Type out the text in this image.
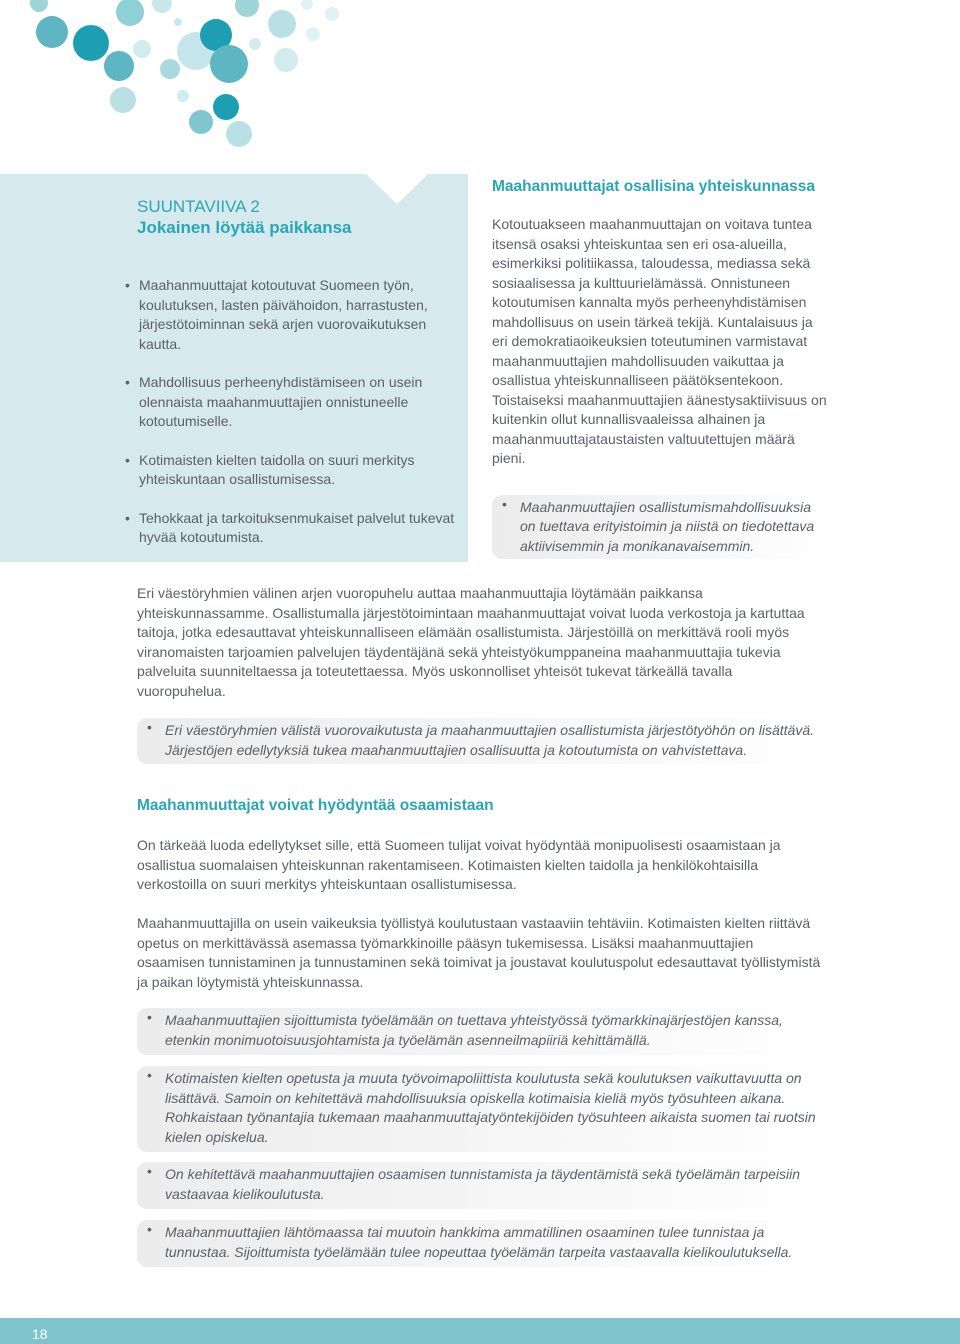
SUUNTAVIIVA 2
Jokainen löytää paikkansa
• Maahanmuuttajat kotoutuvat Suomeen työn, koulutuksen, lasten päivähoidon, harrastusten, järjestötoiminnan sekä arjen vuorovaikutuksen kautta.
• Mahdollisuus perheenyhdistämiseen on usein olennaista maahanmuuttajien onnistuneelle kotoutumiselle.
• Kotimaisten kielten taidolla on suuri merkitys yhteiskuntaan osallistumisessa.
• Tehokkaat ja tarkoituksenmukaiset palvelut tukevat hyvää kotoutumista.
Maahanmuuttajat osallisina yhteiskunnassa

Kotoutuakseen maahanmuuttajan on voitava tuntea itsensä osaksi yhteiskuntaa sen eri osa-alueilla, esimerkiksi politiikassa, taloudessa, mediassa sekä sosiaalisessa ja kulttuurielämässä. Onnistuneen kotoutumisen kannalta myös perheenyhdistämisen mahdollisuus on usein tärkeä tekijä. Kuntalaisuus ja eri demokratiaoikeuksien toteutuminen varmistavat maahanmuuttajien mahdollisuuden vaikuttaa ja osallistua yhteiskunnalliseen päätöksentekoon. Toistaiseksi maahanmuuttajien äänestysaktiivisuus on kuitenkin ollut kunnallisvaaleissa alhainen ja maahanmuuttajataustaisten valtuutettujen määrä pieni.

• Maahanmuuttajien osallistumismahdollisuuksia on tuettava erityistoimin ja niistä on tiedotettava aktiivisemmin ja monikanavaisemmin.

Eri väestöryhmien välinen arjen vuoropuhelu auttaa maahanmuuttajia löytämään paikkansa yhteiskunnassamme. Osallistumalla järjestötoimintaan maahanmuuttajat voivat luoda verkostoja ja kartuttaa taitoja, jotka edesauttavat yhteiskunnalliseen elämään osallistumista. Järjestöillä on merkittävä rooli myös viranomaisten tarjoamien palvelujen täydentäjänä sekä yhteistyökumppaneina maahanmuuttajia tukevia palveluita suunniteltaessa ja toteutettaessa. Myös uskonnolliset yhteisöt tukevat tärkeällä tavalla vuoropuhelua.

• Eri väestöryhmien välistä vuorovaikutusta ja maahanmuuttajien osallistumista järjestötyöhön on lisättävä. Järjestöjen edellytyksiä tukea maahanmuuttajien osallisuutta ja kotoutumista on vahvistettava.
Maahanmuuttajat voivat hyödyntää osaamistaan

On tärkeää luoda edellytykset sille, että Suomeen tulijat voivat hyödyntää monipuolisesti osaamistaan ja osallistua suomalaisen yhteiskunnan rakentamiseen. Kotimaisten kielten taidolla ja henkilökohtaisilla verkostoilla on suuri merkitys yhteiskuntaan osallistumisessa.

Maahanmuuttajilla on usein vaikeuksia työllistyä koulutustaan vastaaviin tehtäviin. Kotimaisten kielten riittävä opetus on merkittävässä asemassa työmarkkinoille pääsyn tukemisessa. Lisäksi maahanmuuttajien osaamisen tunnistaminen ja tunnustaminen sekä toimivat ja joustavat koulutuspolut edesauttavat työllistymistä ja paikan löytymistä yhteiskunnassa.

• Maahanmuuttajien sijoittumista työelämään on tuettava yhteistyössä työmarkkinajärjestöjen kanssa, etenkin monimuotoisuusjohtamista ja työelämän asenneilmapiiriä kehittämällä.
• Kotimaisten kielten opetusta ja muuta työvoimapoliittista koulutusta sekä koulutuksen vaikuttavuutta on lisättävä. Samoin on kehitettävä mahdollisuuksia opiskella kotimaisia kieliä myös työsuhteen aikana. Rohkaistaan työnantajia tukemaan maahanmuuttajatyöntekijöiden työsuhteen aikaista suomen tai ruotsin kielen opiskelua.
• On kehitettävä maahanmuuttajien osaamisen tunnistamista ja täydentämistä sekä työelämän tarpeisiin vastaavaa kielikoulutusta.
• Maahanmuuttajien lähtömaassa tai muutoin hankkima ammatillinen osaaminen tulee tunnistaa ja tunnustaa. Sijoittumista työelämään tulee nopeuttaa työelämän tarpeita vastaavalla kielikoulutuksella.
18
